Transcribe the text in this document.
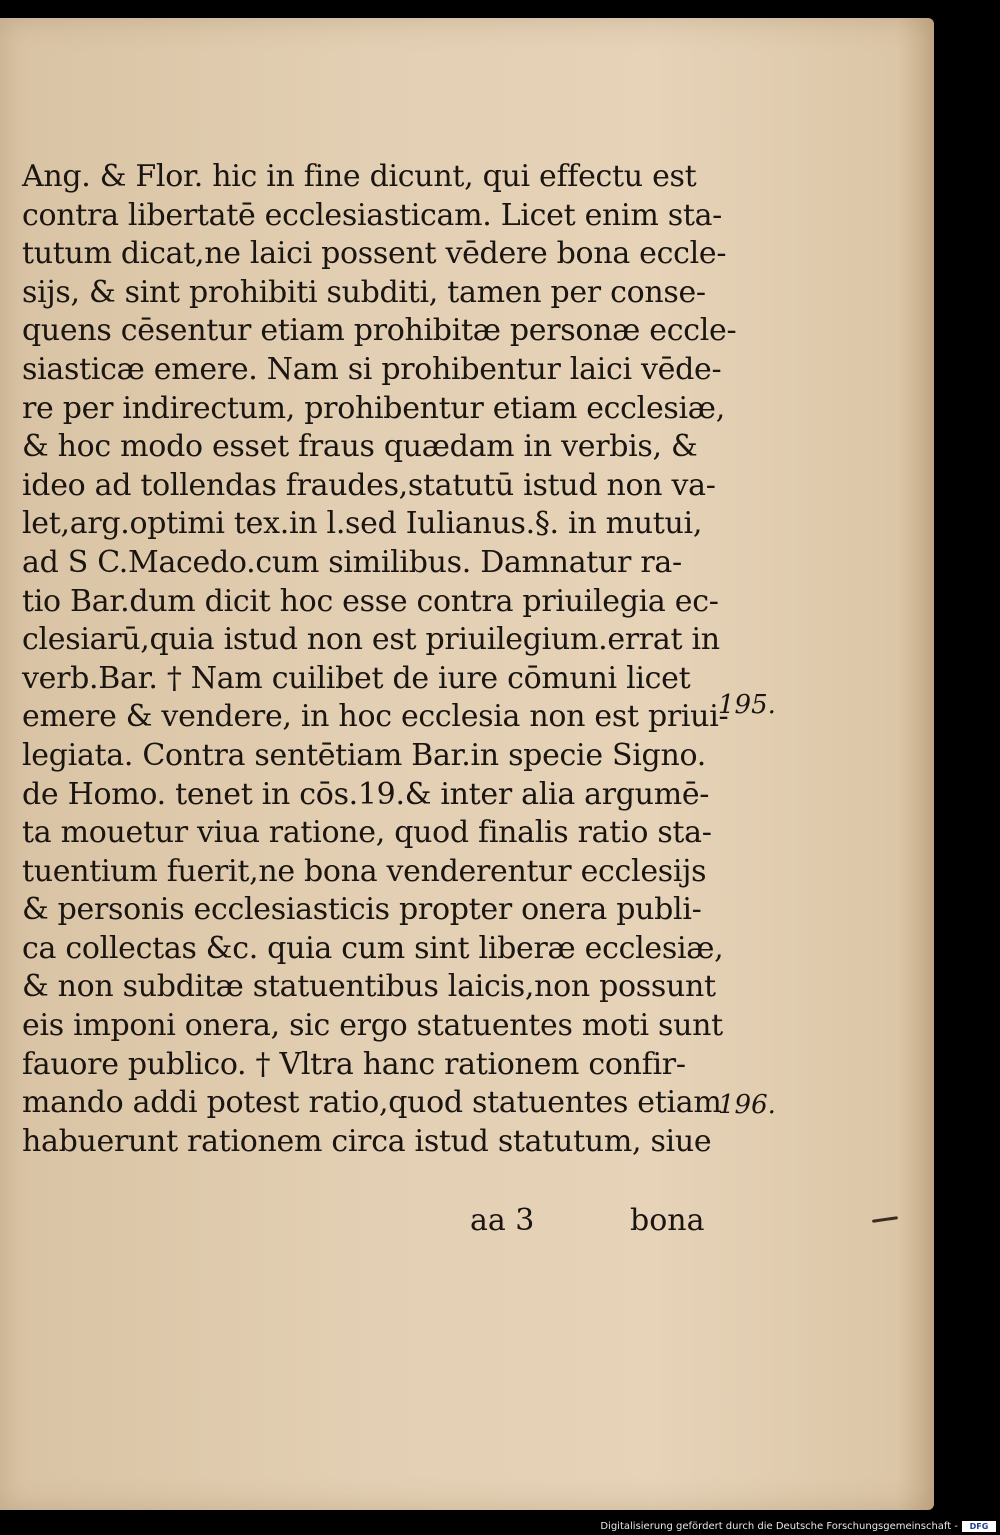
Ang. & Flor. hic in fine dicunt, qui effectu est
contra libertatē ecclesiasticam. Licet enim sta-
tutum dicat,ne laici possent vēdere bona eccle-
sijs, & sint prohibiti subditi, tamen per conse-
quens cēsentur etiam prohibitæ personæ eccle-
siasticæ emere. Nam si prohibentur laici vēde-
re per indirectum, prohibentur etiam ecclesiæ,
& hoc modo esset fraus quædam in verbis, &
ideo ad tollendas fraudes,statutū istud non va-
let,arg.optimi tex.in l.sed Iulianus.§. in mutui,
ad S C.Macedo.cum similibus. Damnatur ra-
tio Bar.dum dicit hoc esse contra priuilegia ec-
clesiarū,quia istud non est priuilegium.errat in
verb.Bar. † Nam cuilibet de iure cōmuni licet
emere & vendere, in hoc ecclesia non est priui-
legiata. Contra sentētiam Bar.in specie Signo.
de Homo. tenet in cōs.19.& inter alia argumē-
ta mouetur viua ratione, quod finalis ratio sta-
tuentium fuerit,ne bona venderentur ecclesijs
& personis ecclesiasticis propter onera publi-
ca collectas &c. quia cum sint liberæ ecclesiæ,
& non subditæ statuentibus laicis,non possunt
eis imponi onera, sic ergo statuentes moti sunt
fauore publico. † Vltra hanc rationem confir-
mando addi potest ratio,quod statuentes etiam
habuerunt rationem circa istud statutum, siue
aa 3	bona
195.
196.
Digitalisierung gefördert durch die Deutsche Forschungsgemeinschaft -	DFG
